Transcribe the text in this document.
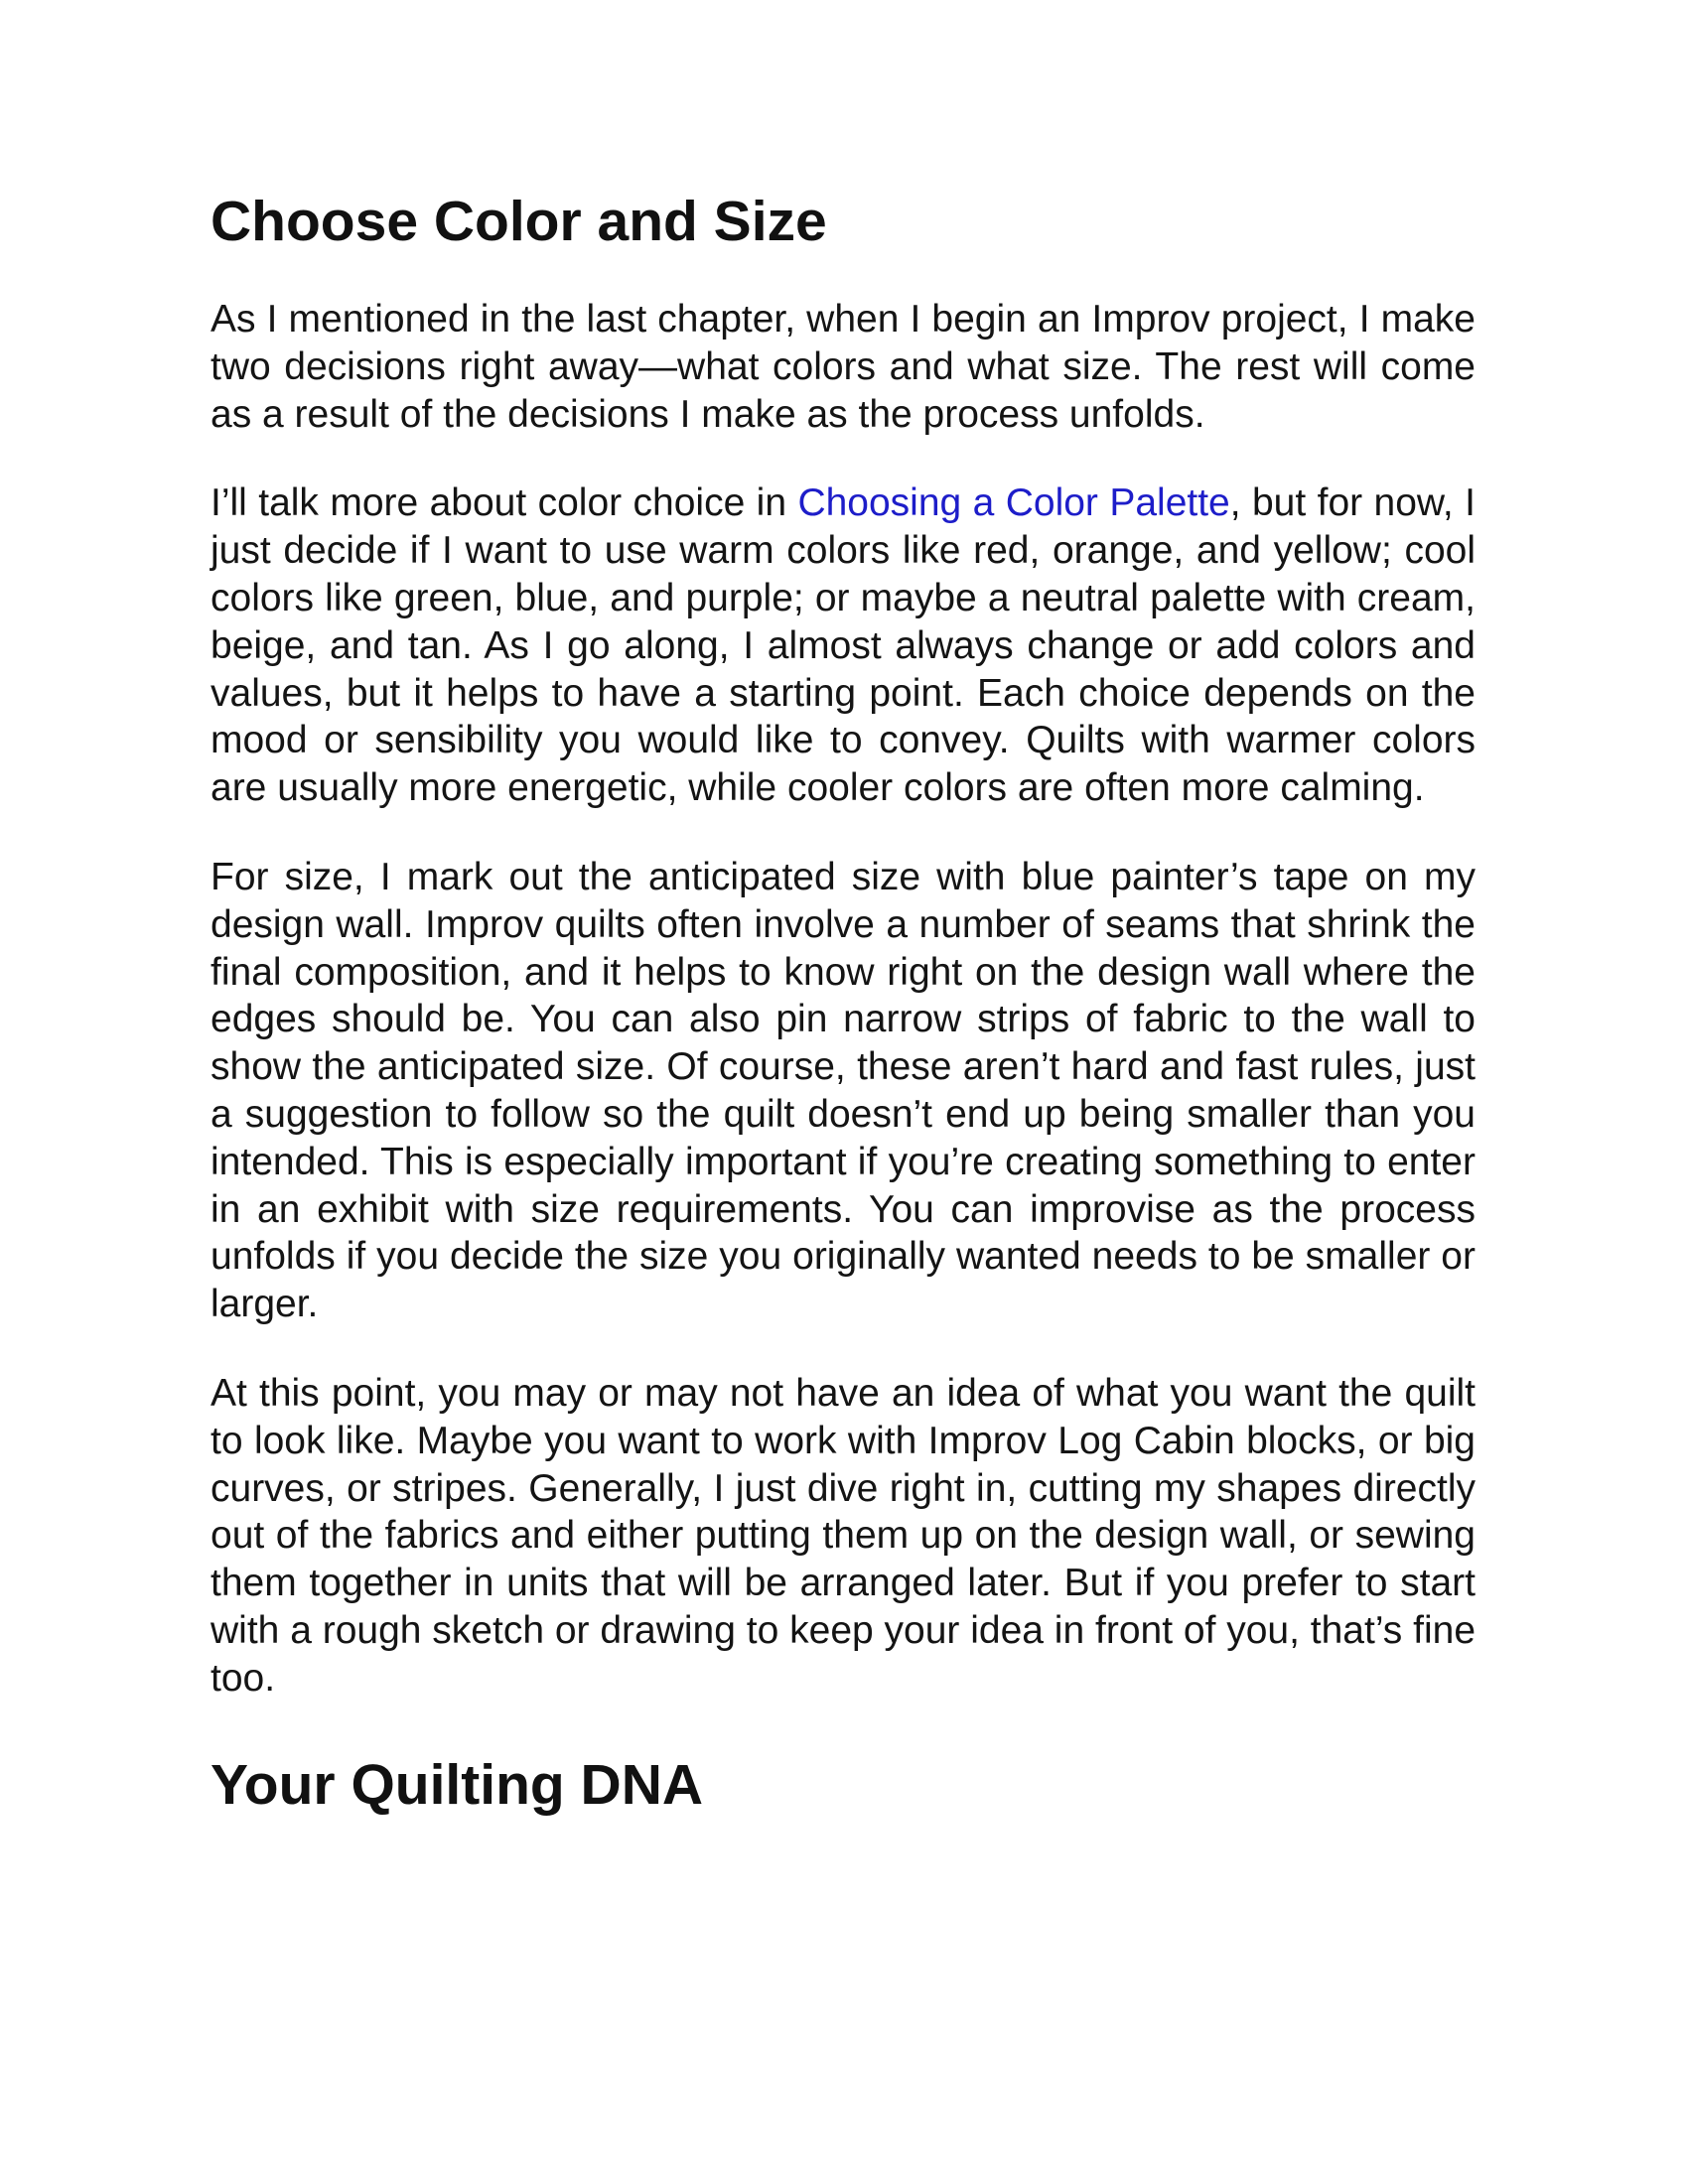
Choose Color and Size

As I mentioned in the last chapter, when I begin an Improv project, I make two decisions right away—what colors and what size. The rest will come as a result of the decisions I make as the process unfolds.

I’ll talk more about color choice in Choosing a Color Palette, but for now, I just decide if I want to use warm colors like red, orange, and yellow; cool colors like green, blue, and purple; or maybe a neutral palette with cream, beige, and tan. As I go along, I almost always change or add colors and values, but it helps to have a starting point. Each choice depends on the mood or sensibility you would like to convey. Quilts with warmer colors are usually more energetic, while cooler colors are often more calming.

For size, I mark out the anticipated size with blue painter’s tape on my design wall. Improv quilts often involve a number of seams that shrink the final composition, and it helps to know right on the design wall where the edges should be. You can also pin narrow strips of fabric to the wall to show the anticipated size. Of course, these aren’t hard and fast rules, just a suggestion to follow so the quilt doesn’t end up being smaller than you intended. This is especially important if you’re creating something to enter in an exhibit with size requirements. You can improvise as the process unfolds if you decide the size you originally wanted needs to be smaller or larger.

At this point, you may or may not have an idea of what you want the quilt to look like. Maybe you want to work with Improv Log Cabin blocks, or big curves, or stripes. Generally, I just dive right in, cutting my shapes directly out of the fabrics and either putting them up on the design wall, or sewing them together in units that will be arranged later. But if you prefer to start with a rough sketch or drawing to keep your idea in front of you, that’s fine too.

Your Quilting DNA
